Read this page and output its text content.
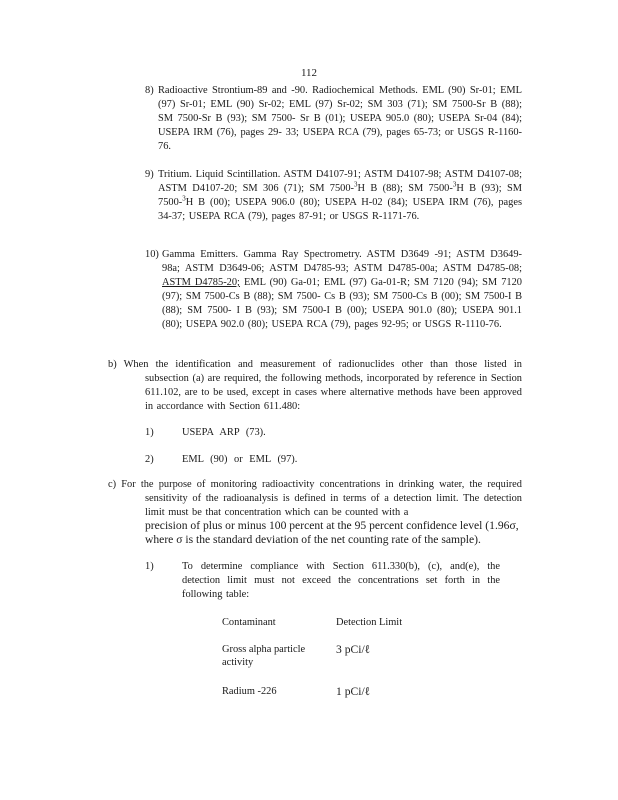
112
8) Radioactive Strontium-89 and -90. Radiochemical Methods. EML (90) Sr-01; EML (97) Sr-01; EML (90) Sr-02; EML (97) Sr-02; SM 303 (71); SM 7500-Sr B (88); SM 7500-Sr B (93); SM 7500- Sr B (01); USEPA 905.0 (80); USEPA Sr-04 (84); USEPA IRM (76), pages 29- 33; USEPA RCA (79), pages 65-73; or USGS R-1160-76.

9) Tritium. Liquid Scintillation. ASTM D4107-91; ASTM D4107-98; ASTM D4107-08; ASTM D4107-20; SM 306 (71); SM 7500-$^3$H B (88); SM 7500-$^3$H B (93); SM 7500-$^3$H B (00); USEPA 906.0 (80); USEPA H-02 (84); USEPA IRM (76), pages 34-37; USEPA RCA (79), pages 87-91; or USGS R-1171-76.

10) Gamma Emitters. Gamma Ray Spectrometry. ASTM D3649 -91; ASTM D3649-98a; ASTM D3649-06; ASTM D4785-93; ASTM D4785-00a; ASTM D4785-08; ASTM D4785-20; EML (90) Ga-01; EML (97) Ga-01-R; SM 7120 (94); SM 7120 (97); SM 7500-Cs B (88); SM 7500- Cs B (93); SM 7500-Cs B (00); SM 7500-I B (88); SM 7500- I B (93); SM 7500-I B (00); USEPA 901.0 (80); USEPA 901.1 (80); USEPA 902.0 (80); USEPA RCA (79), pages 92-95; or USGS R-1110-76.

b) When the identification and measurement of radionuclides other than those listed in subsection (a) are required, the following methods, incorporated by reference in Section 611.102, are to be used, except in cases where alternative methods have been approved in accordance with Section 611.480:

1)	USEPA ARP (73).
2)	EML (90) or EML (97).

c) For the purpose of monitoring radioactivity concentrations in drinking water, the required sensitivity of the radioanalysis is defined in terms of a detection limit. The detection limit must be that concentration which can be counted with a

precision of plus or minus 100 percent at the 95 percent confidence level (1.96σ, where σ is the standard deviation of the net counting rate of the sample).

1)	To determine compliance with Section 611.330(b), (c), and(e), the detection limit must not exceed the concentrations set forth in the following table:

Contaminant	Detection Limit
Gross alpha particle activity	3 pCi/ℓ
Radium -226	1 pCi/ℓ
